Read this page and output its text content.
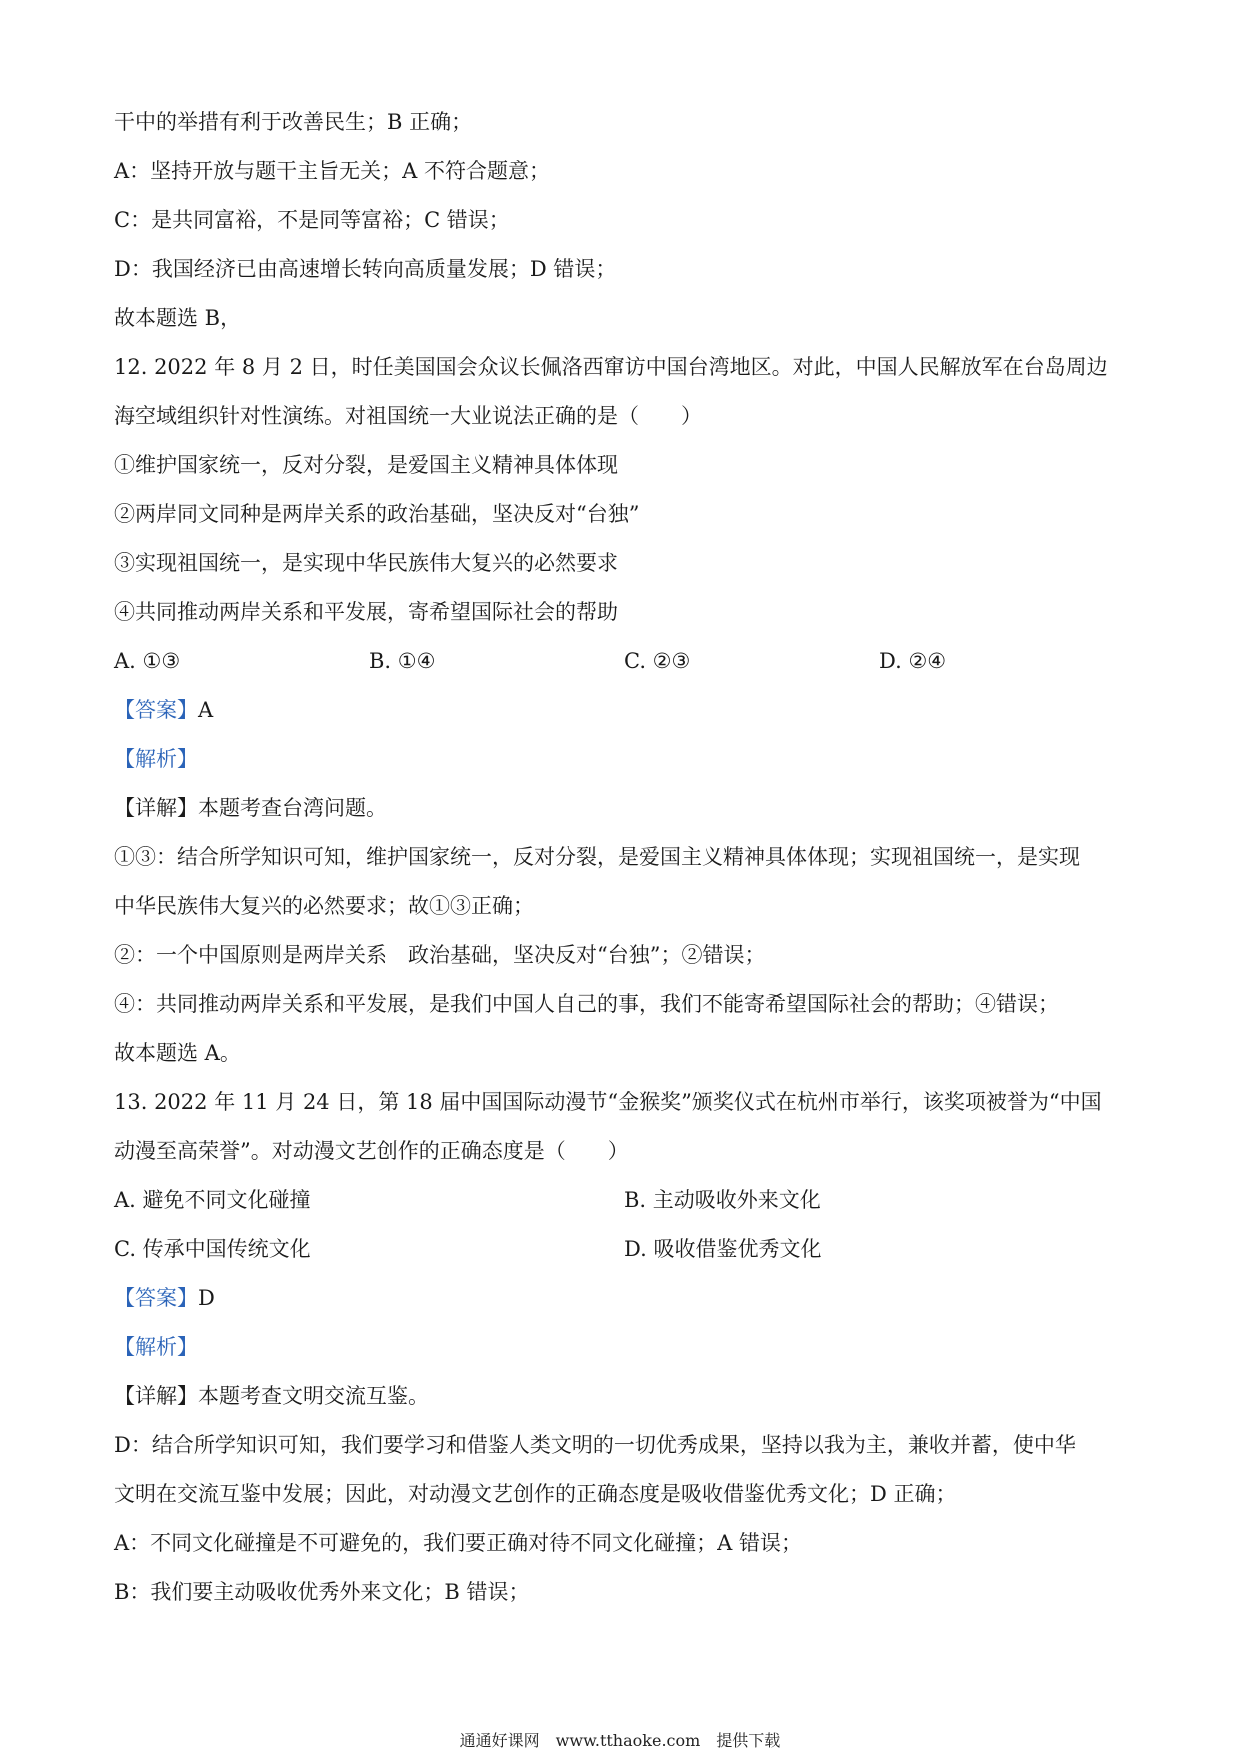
干中的举措有利于改善民生；B 正确；
A：坚持开放与题干主旨无关；A 不符合题意；
C：是共同富裕，不是同等富裕；C 错误；
D：我国经济已由高速增长转向高质量发展；D 错误；
故本题选 B，
12. 2022 年 8 月 2 日，时任美国国会众议长佩洛西窜访中国台湾地区。对此，中国人民解放军在台岛周边
海空域组织针对性演练。对祖国统一大业说法正确的是（　　）
①维护国家统一，反对分裂，是爱国主义精神具体体现
②两岸同文同种是两岸关系的政治基础，坚决反对“台独”
③实现祖国统一，是实现中华民族伟大复兴的必然要求
④共同推动两岸关系和平发展，寄希望国际社会的帮助
A. ①③	B. ①④	C. ②③	D. ②④
【答案】A
【解析】
【详解】本题考查台湾问题。
①③：结合所学知识可知，维护国家统一，反对分裂，是爱国主义精神具体体现；实现祖国统一，是实现
中华民族伟大复兴的必然要求；故①③正确；
②：一个中国原则是两岸关系　政治基础，坚决反对“台独”；②错误；
④：共同推动两岸关系和平发展，是我们中国人自己的事，我们不能寄希望国际社会的帮助；④错误；
故本题选 A。
13. 2022 年 11 月 24 日，第 18 届中国国际动漫节“金猴奖”颁奖仪式在杭州市举行，该奖项被誉为“中国
动漫至高荣誉”。对动漫文艺创作的正确态度是（　　）
A. 避免不同文化碰撞	B. 主动吸收外来文化
C. 传承中国传统文化	D. 吸收借鉴优秀文化
【答案】D
【解析】
【详解】本题考查文明交流互鉴。
D：结合所学知识可知，我们要学习和借鉴人类文明的一切优秀成果，坚持以我为主，兼收并蓄，使中华
文明在交流互鉴中发展；因此，对动漫文艺创作的正确态度是吸收借鉴优秀文化；D 正确；
A：不同文化碰撞是不可避免的，我们要正确对待不同文化碰撞；A 错误；
B：我们要主动吸收优秀外来文化；B 错误；
通通好课网　www.tthaoke.com　提供下载
